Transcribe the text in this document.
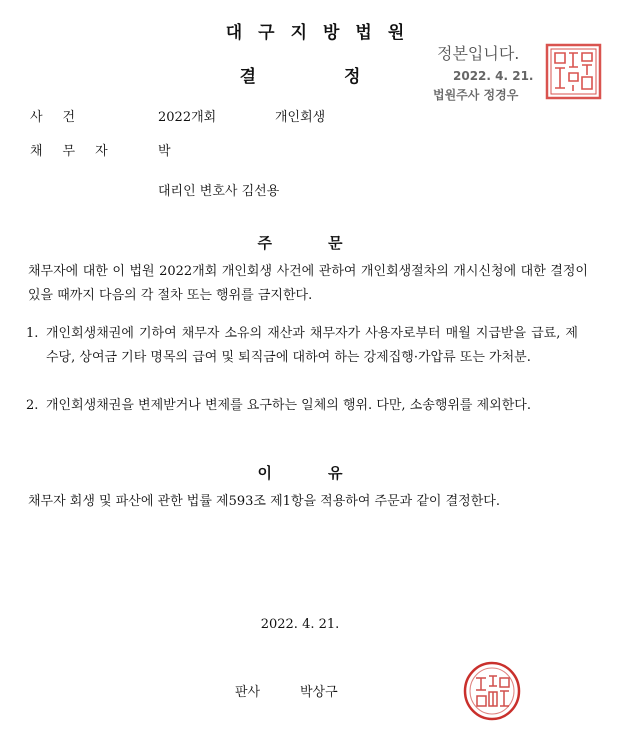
대구지방법원
결정
정본입니다.
2022. 4. 21.
법원주사 정경우
사건	2022개회	개인회생
채무자 박
대리인 변호사 김선용
주문
채무자에 대한 이 법원 2022개회 개인회생 사건에 관하여 개인회생절차의 개시신청에 대한 결정이 있을 때까지 다음의 각 절차 또는 행위를 금지한다.
1. 개인회생채권에 기하여 채무자 소유의 재산과 채무자가 사용자로부터 매월 지급받을 급료, 제수당, 상여금 기타 명목의 급여 및 퇴직금에 대하여 하는 강제집행·가압류 또는 가처분.
2. 개인회생채권을 변제받거나 변제를 요구하는 일체의 행위. 다만, 소송행위를 제외한다.
이유
채무자 회생 및 파산에 관한 법률 제593조 제1항을 적용하여 주문과 같이 결정한다.
2022. 4. 21.
판사	박상구
